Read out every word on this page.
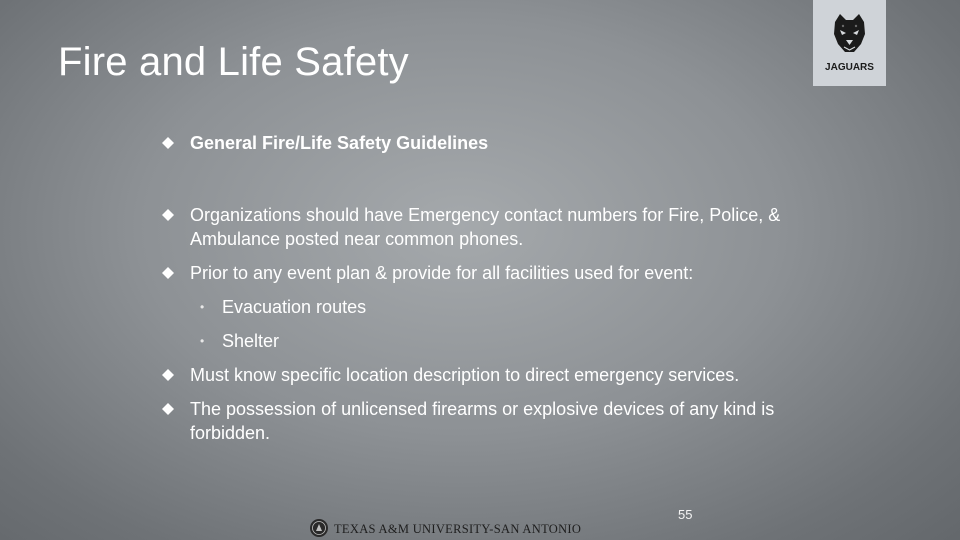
Fire and Life Safety	JAGUARS
General Fire/Life Safety Guidelines
Organizations should have Emergency contact numbers for Fire, Police, & Ambulance posted near common phones.
Prior to any event plan & provide for all facilities used for event:
• Evacuation routes
• Shelter
Must know specific location description to direct emergency services.
The possession of unlicensed firearms or explosive devices of any kind is forbidden.
55
TEXAS A&M UNIVERSITY-SAN ANTONIO
